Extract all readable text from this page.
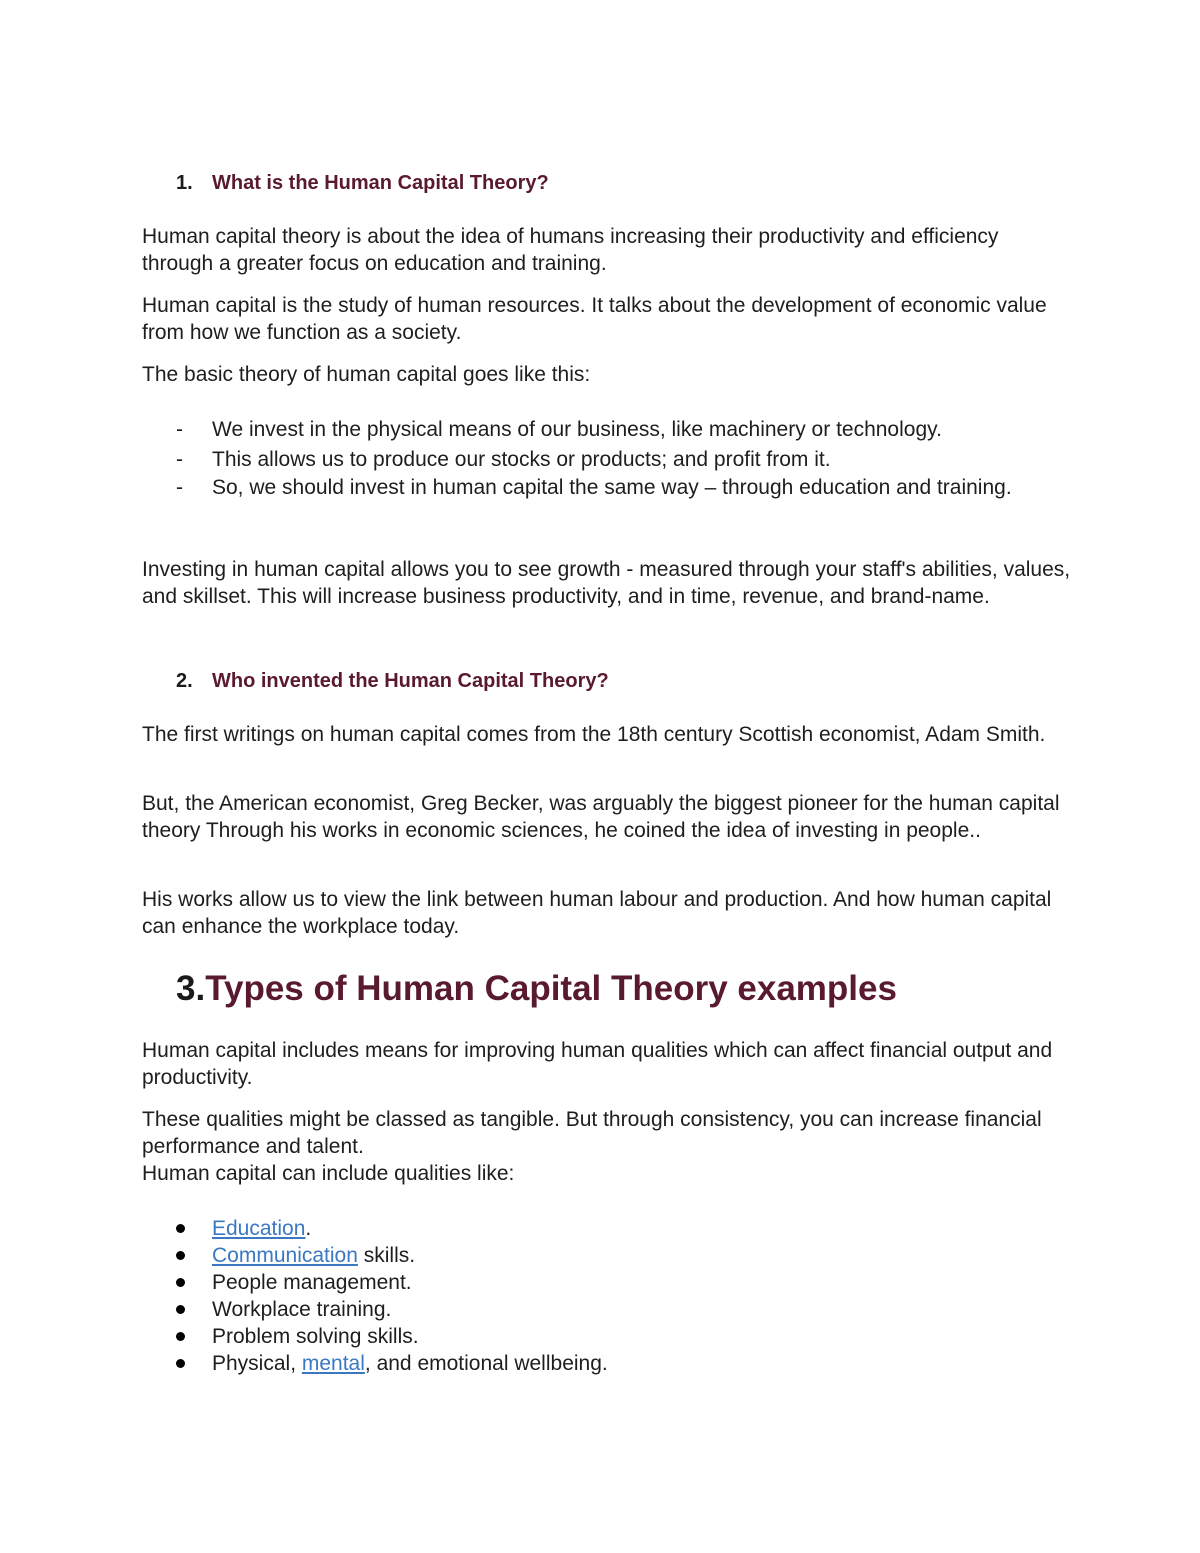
1. What is the Human Capital Theory?

Human capital theory is about the idea of humans increasing their productivity and efficiency through a greater focus on education and training.

Human capital is the study of human resources. It talks about the development of economic value from how we function as a society.

The basic theory of human capital goes like this:

- We invest in the physical means of our business, like machinery or technology.
- This allows us to produce our stocks or products; and profit from it.
- So, we should invest in human capital the same way – through education and training.

Investing in human capital allows you to see growth - measured through your staff's abilities, values, and skillset. This will increase business productivity, and in time, revenue, and brand-name.

2. Who invented the Human Capital Theory?

The first writings on human capital comes from the 18th century Scottish economist, Adam Smith.

But, the American economist, Greg Becker, was arguably the biggest pioneer for the human capital theory Through his works in economic sciences, he coined the idea of investing in people..

His works allow us to view the link between human labour and production. And how human capital can enhance the workplace today.

3.Types of Human Capital Theory examples

Human capital includes means for improving human qualities which can affect financial output and productivity.

These qualities might be classed as tangible. But through consistency, you can increase financial performance and talent.

Human capital can include qualities like:

Education.
Communication skills.
People management.
Workplace training.
Problem solving skills.
Physical, mental, and emotional wellbeing.
